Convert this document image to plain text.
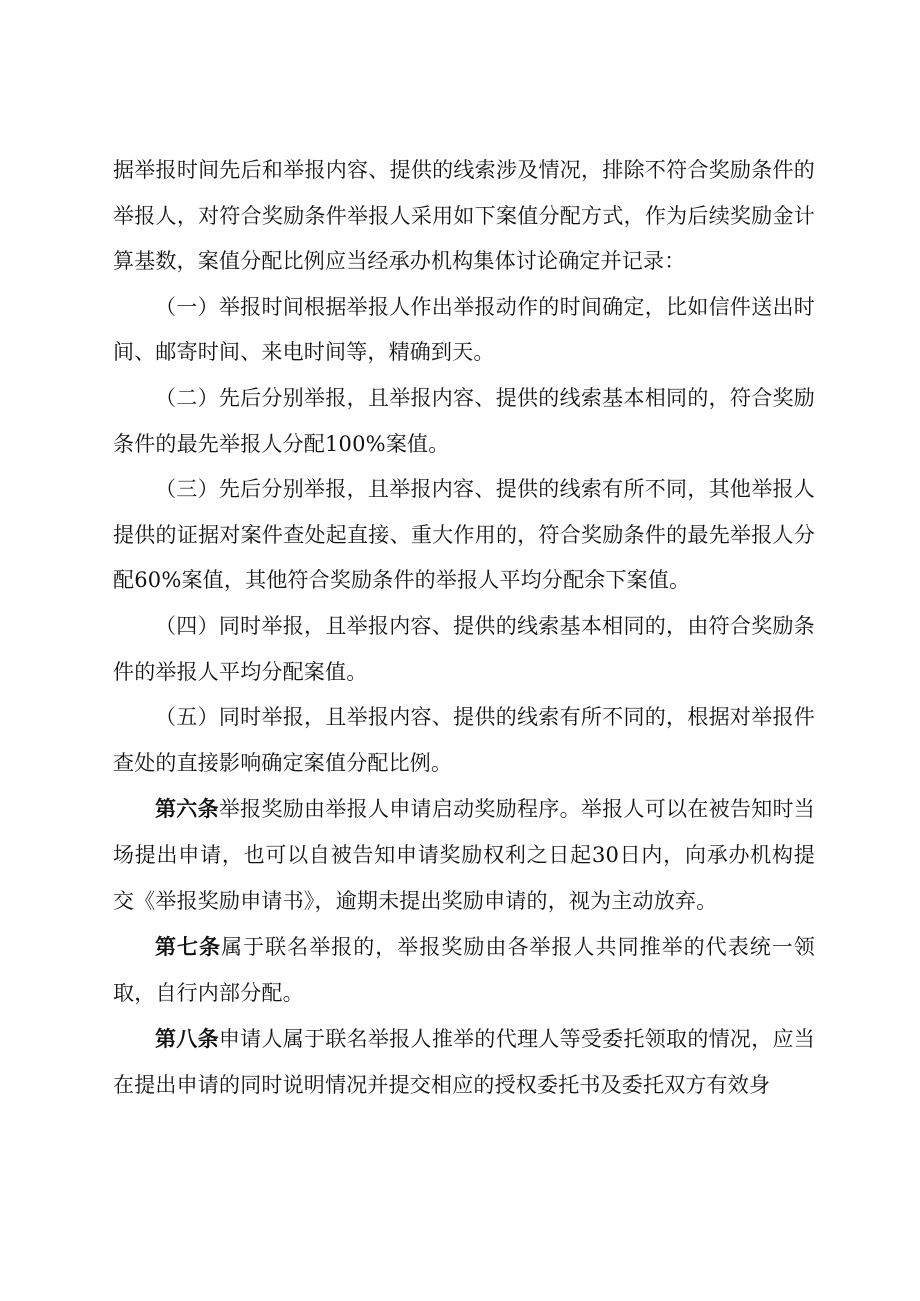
据举报时间先后和举报内容、提供的线索涉及情况，排除不符合奖励条件的举报人，对符合奖励条件举报人采用如下案值分配方式，作为后续奖励金计算基数，案值分配比例应当经承办机构集体讨论确定并记录：

（一）举报时间根据举报人作出举报动作的时间确定，比如信件送出时间、邮寄时间、来电时间等，精确到天。

（二）先后分别举报，且举报内容、提供的线索基本相同的，符合奖励条件的最先举报人分配100%案值。

（三）先后分别举报，且举报内容、提供的线索有所不同，其他举报人提供的证据对案件查处起直接、重大作用的，符合奖励条件的最先举报人分配60%案值，其他符合奖励条件的举报人平均分配余下案值。

（四）同时举报，且举报内容、提供的线索基本相同的，由符合奖励条件的举报人平均分配案值。

（五）同时举报，且举报内容、提供的线索有所不同的，根据对举报件查处的直接影响确定案值分配比例。

第六条举报奖励由举报人申请启动奖励程序。举报人可以在被告知时当场提出申请，也可以自被告知申请奖励权利之日起30日内，向承办机构提交《举报奖励申请书》，逾期未提出奖励申请的，视为主动放弃。

第七条属于联名举报的，举报奖励由各举报人共同推举的代表统一领取，自行内部分配。

第八条申请人属于联名举报人推举的代理人等受委托领取的情况，应当在提出申请的同时说明情况并提交相应的授权委托书及委托双方有效身
